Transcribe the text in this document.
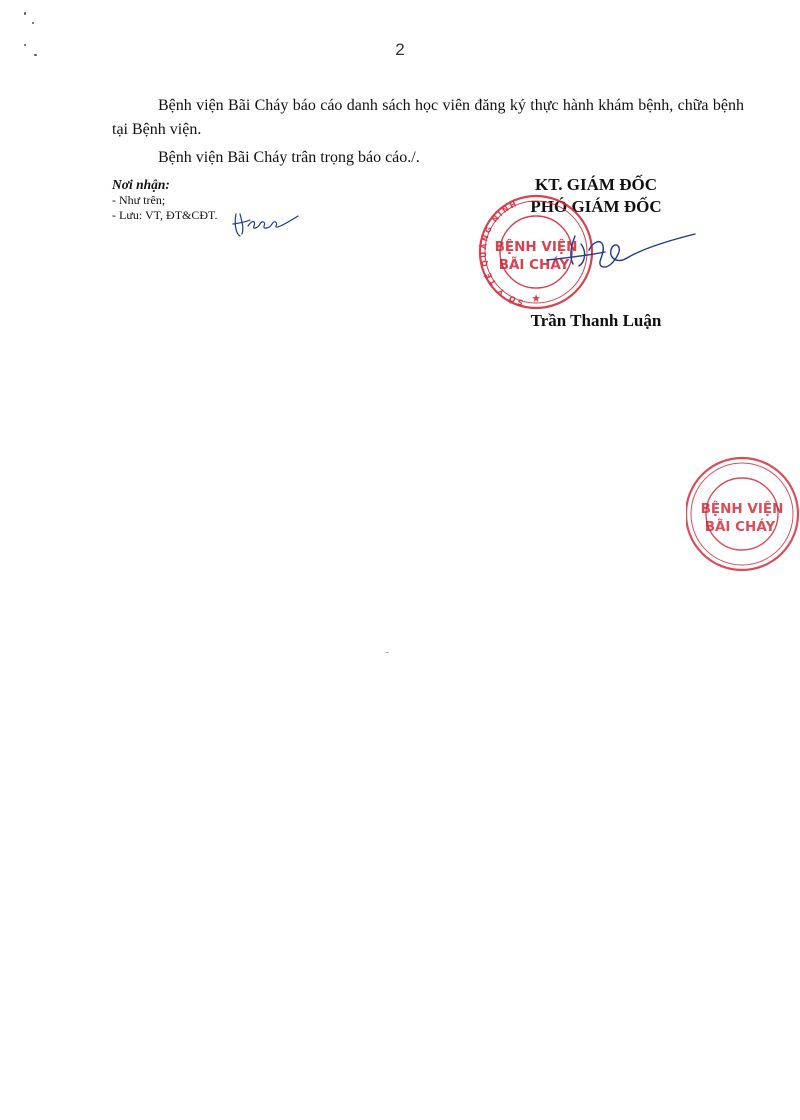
2

Bệnh viện Bãi Cháy báo cáo danh sách học viên đăng ký thực hành khám bệnh, chữa bệnh tại Bệnh viện.

Bệnh viện Bãi Cháy trân trọng báo cáo./.

Nơi nhận:
- Như trên;
- Lưu: VT, ĐT&CĐT.
KT. GIÁM ĐỐC
PHÓ GIÁM ĐỐC
BỆNH VIỆN
BÃI CHÁY
SỞ Y TẾ QUẢNG NINH
★
Trần Thanh Luận
BỆNH VIỆN
BÃI CHÁY
